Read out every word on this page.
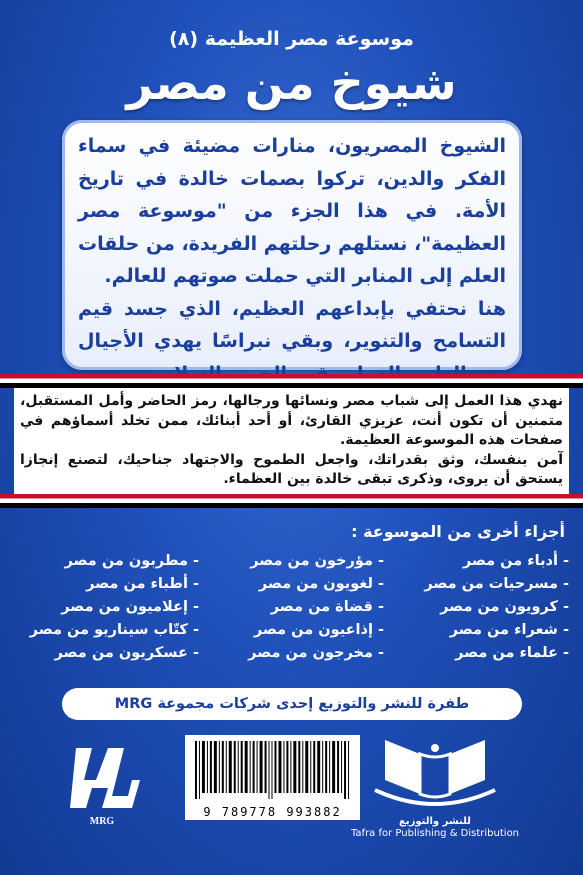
موسوعة مصر العظيمة (٨)
شيوخ من مصر

الشيوخ المصريون، منارات مضيئة في سماء الفكر والدين، تركوا بصمات خالدة في تاريخ الأمة. في هذا الجزء من "موسوعة مصر العظيمة"، نستلهم رحلتهم الفريدة، من حلقات العلم إلى المنابر التي حملت صوتهم للعالم.

هنا نحتفي بإبداعهم العظيم، الذي جسد قيم التسامح والتنوير، وبقي نبراسًا يهدي الأجيال

نهدي هذا العمل إلى شباب مصر ونسائها ورجالها، رمز الحاضر وأمل المستقبل، متمنين أن تكون أنت، عزيزي القارئ، أو أحد أبنائك، ممن تخلد أسماؤهم في صفحات هذه الموسوعة العظيمة.

آمن بنفسك، وثق بقدراتك، واجعل الطموح والاجتهاد جناحيك، لتصنع إنجازا يستحق أن يروى، وذكرى تبقى خالدة بين العظماء.

أجزاء أخرى من الموسوعة :
- أدباء من مصر
- مؤرخون من مصر
- مطربون من مصر
- مسرحيات من مصر
- لغويون من مصر
- أطباء من مصر
- كرويون من مصر
- قضاة من مصر
- إعلاميون من مصر
- شعراء من مصر
- إذاعيون من مصر
- كتّاب سيناريو من مصر
- علماء من مصر
- مخرجون من مصر
- عسكريون من مصر
طفرة للنشر والتوزيع إحدى شركات مجموعة MRG
MRG
9 789778 993882
للنشر والتوزيع
Tafra for Publishing & Distribution
